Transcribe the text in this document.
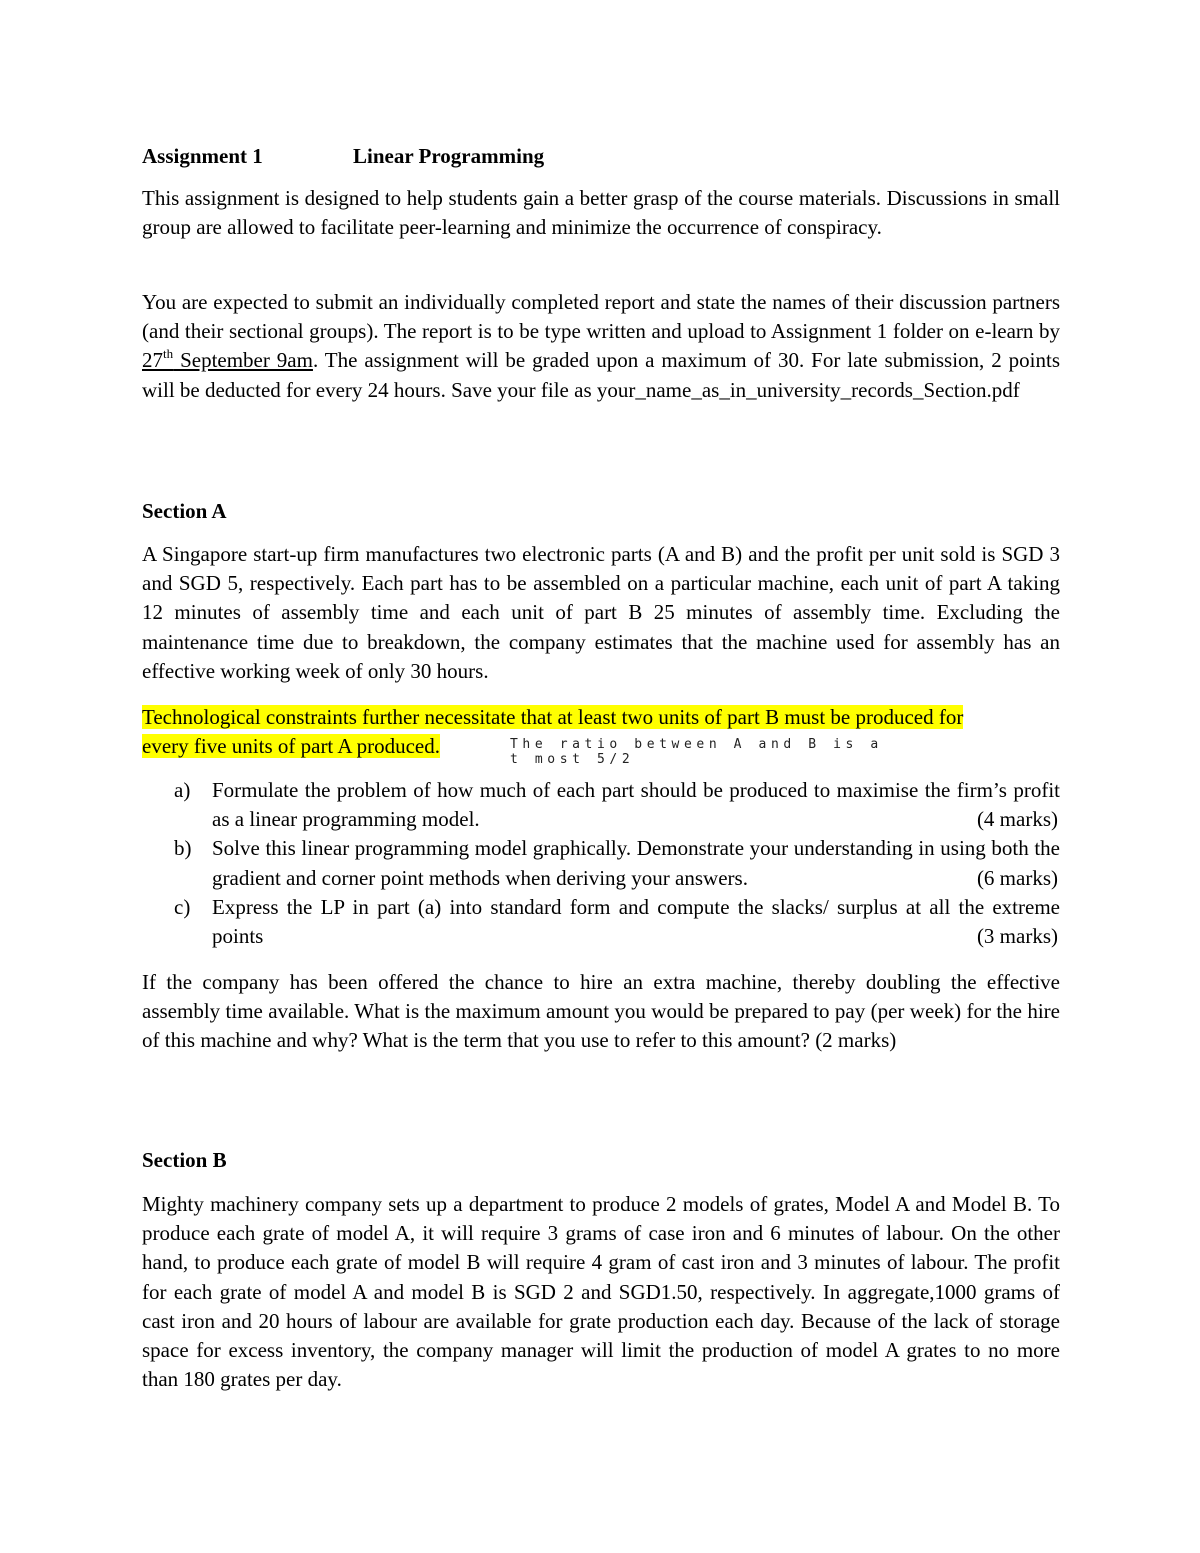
Assignment 1	Linear Programming

This assignment is designed to help students gain a better grasp of the course materials. Discussions in small group are allowed to facilitate peer-learning and minimize the occurrence of conspiracy.

You are expected to submit an individually completed report and state the names of their discussion partners (and their sectional groups). The report is to be type written and upload to Assignment 1 folder on e-learn by 27th September 9am. The assignment will be graded upon a maximum of 30. For late submission, 2 points will be deducted for every 24 hours. Save your file as your_name_as_in_university_records_Section.pdf

Section A

A Singapore start-up firm manufactures two electronic parts (A and B) and the profit per unit sold is SGD 3 and SGD 5, respectively. Each part has to be assembled on a particular machine, each unit of part A taking 12 minutes of assembly time and each unit of part B 25 minutes of assembly time. Excluding the maintenance time due to breakdown, the company estimates that the machine used for assembly has an effective working week of only 30 hours.

Technological constraints further necessitate that at least two units of part B must be produced for
every five units of part A produced.	The ratio between A and B is a
t most 5/2
a) Formulate the problem of how much of each part should be produced to maximise the firm’s profit as a linear programming model.	(4 marks)
b) Solve this linear programming model graphically. Demonstrate your understanding in using both the gradient and corner point methods when deriving your answers.	(6 marks)
c) Express the LP in part (a) into standard form and compute the slacks/ surplus at all the extreme points	(3 marks)

If the company has been offered the chance to hire an extra machine, thereby doubling the effective assembly time available. What is the maximum amount you would be prepared to pay (per week) for the hire of this machine and why? What is the term that you use to refer to this amount? (2 marks)

Section B

Mighty machinery company sets up a department to produce 2 models of grates, Model A and Model B. To produce each grate of model A, it will require 3 grams of case iron and 6 minutes of labour. On the other hand, to produce each grate of model B will require 4 gram of cast iron and 3 minutes of labour. The profit for each grate of model A and model B is SGD 2 and SGD1.50, respectively. In aggregate,1000 grams of cast iron and 20 hours of labour are available for grate production each day. Because of the lack of storage space for excess inventory, the company manager will limit the production of model A grates to no more than 180 grates per day.
